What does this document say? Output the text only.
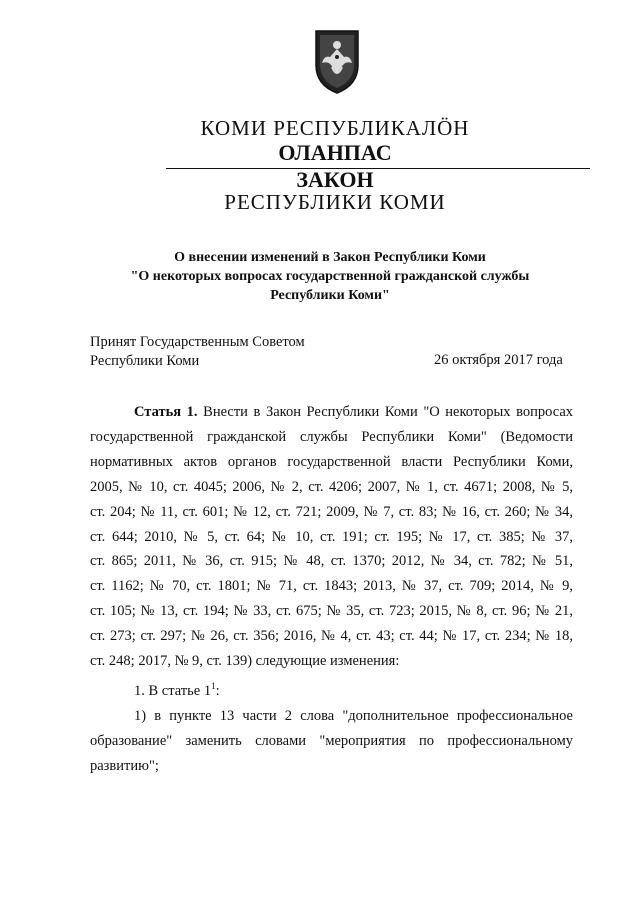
КОМИ РЕСПУБЛИКАЛÖН
ОЛАНПАС
ЗАКОН
РЕСПУБЛИКИ КОМИ
О внесении изменений в Закон Республики Коми
"О некоторых вопросах государственной гражданской службы
Республики Коми"
Принят Государственным Советом
Республики Коми	26 октября 2017 года

Статья 1. Внести в Закон Республики Коми "О некоторых вопросах

государственной гражданской службы Республики Коми" (Ведомости

нормативных актов органов государственной власти Республики Коми,

2005, № 10, ст. 4045; 2006, № 2, ст. 4206; 2007, № 1, ст. 4671; 2008, № 5,

ст. 204; № 11, ст. 601; № 12, ст. 721; 2009, № 7, ст. 83; № 16, ст. 260; № 34,

ст. 644; 2010, № 5, ст. 64; № 10, ст. 191; ст. 195; № 17, ст. 385; № 37,

ст. 865; 2011, № 36, ст. 915; № 48, ст. 1370; 2012, № 34, ст. 782; № 51,

ст. 1162; № 70, ст. 1801; № 71, ст. 1843; 2013, № 37, ст. 709; 2014, № 9,

ст. 105; № 13, ст. 194; № 33, ст. 675; № 35, ст. 723; 2015, № 8, ст. 96; № 21,

ст. 273; ст. 297; № 26, ст. 356; 2016, № 4, ст. 43; ст. 44; № 17, ст. 234; № 18,

ст. 248; 2017, № 9, ст. 139) следующие изменения:

1. В статье $1^1$:

1) в пункте 13 части 2 слова "дополнительное профессиональное

образование" заменить словами "мероприятия по профессиональному

развитию";
